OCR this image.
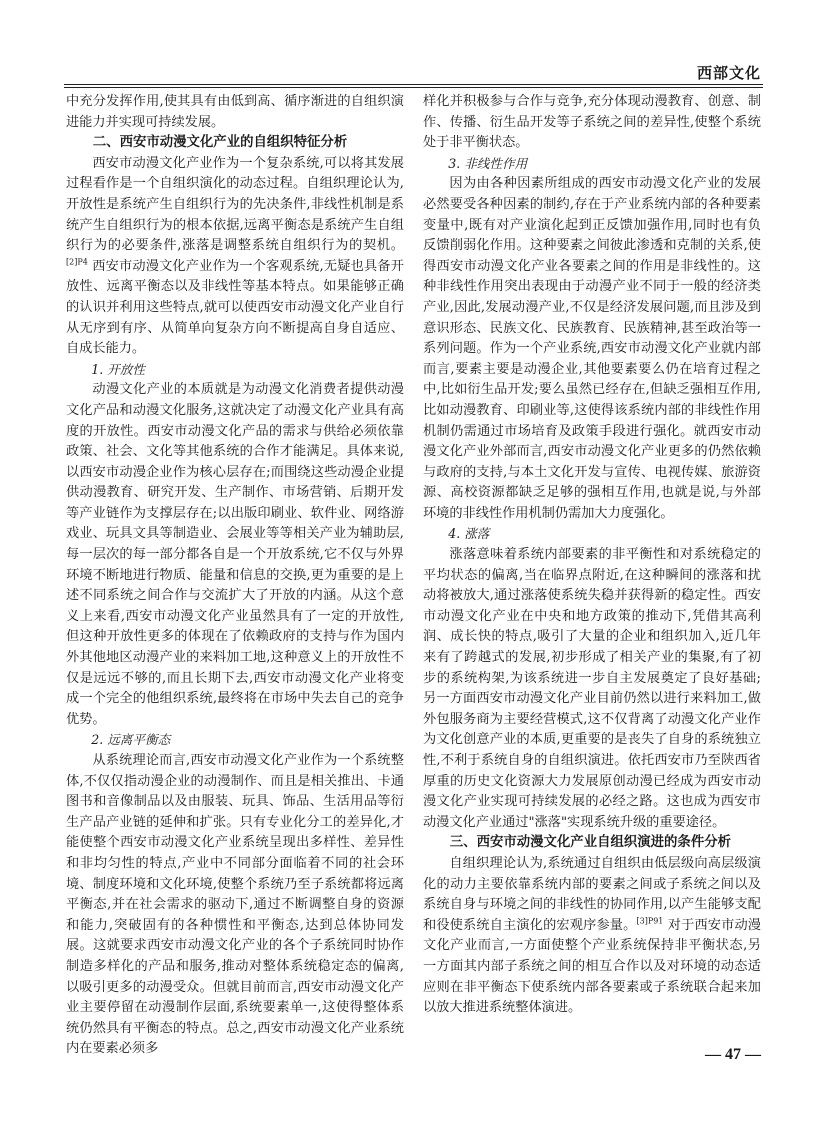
西部文化

中充分发挥作用,使其具有由低到高、循序渐进的自组织演进能力并实现可持续发展。

二、西安市动漫文化产业的自组织特征分析

西安市动漫文化产业作为一个复杂系统,可以将其发展过程看作是一个自组织演化的动态过程。自组织理论认为,开放性是系统产生自组织行为的先决条件,非线性机制是系统产生自组织行为的根本依据,远离平衡态是系统产生自组织行为的必要条件,涨落是调整系统自组织行为的契机。$^{[2]P4}$ 西安市动漫文化产业作为一个客观系统,无疑也具备开放性、远离平衡态以及非线性等基本特点。如果能够正确的认识并利用这些特点,就可以使西安市动漫文化产业自行从无序到有序、从简单向复杂方向不断提高自身自适应、自成长能力。

1. 开放性

动漫文化产业的本质就是为动漫文化消费者提供动漫文化产品和动漫文化服务,这就决定了动漫文化产业具有高度的开放性。西安市动漫文化产品的需求与供给必须依靠政策、社会、文化等其他系统的合作才能满足。具体来说,以西安市动漫企业作为核心层存在;而围绕这些动漫企业提供动漫教育、研究开发、生产制作、市场营销、后期开发等产业链作为支撑层存在;以出版印刷业、软件业、网络游戏业、玩具文具等制造业、会展业等等相关产业为辅助层,每一层次的每一部分都各自是一个开放系统,它不仅与外界环境不断地进行物质、能量和信息的交换,更为重要的是上述不同系统之间合作与交流扩大了开放的内涵。从这个意义上来看,西安市动漫文化产业虽然具有了一定的开放性,但这种开放性更多的体现在了依赖政府的支持与作为国内外其他地区动漫产业的来料加工地,这种意义上的开放性不仅是远远不够的,而且长期下去,西安市动漫文化产业将变成一个完全的他组织系统,最终将在市场中失去自己的竞争优势。

2. 远离平衡态

从系统理论而言,西安市动漫文化产业作为一个系统整体,不仅仅指动漫企业的动漫制作、而且是相关推出、卡通图书和音像制品以及由服装、玩具、饰品、生活用品等衍生产品产业链的延伸和扩张。只有专业化分工的差异化,才能使整个西安市动漫文化产业系统呈现出多样性、差异性和非均匀性的特点,产业中不同部分面临着不同的社会环境、制度环境和文化环境,使整个系统乃至子系统都将远离平衡态,并在社会需求的驱动下,通过不断调整自身的资源和能力,突破固有的各种惯性和平衡态,达到总体协同发展。这就要求西安市动漫文化产业的各个子系统同时协作制造多样化的产品和服务,推动对整体系统稳定态的偏离,以吸引更多的动漫受众。但就目前而言,西安市动漫文化产业主要停留在动漫制作层面,系统要素单一,这使得整体系统仍然具有平衡态的特点。总之,西安市动漫文化产业系统内在要素必须多

样化并积极参与合作与竞争,充分体现动漫教育、创意、制作、传播、衍生品开发等子系统之间的差异性,使整个系统处于非平衡状态。

3. 非线性作用

因为由各种因素所组成的西安市动漫文化产业的发展必然要受各种因素的制约,存在于产业系统内部的各种要素变量中,既有对产业演化起到正反馈加强作用,同时也有负反馈削弱化作用。这种要素之间彼此渗透和克制的关系,使得西安市动漫文化产业各要素之间的作用是非线性的。这种非线性作用突出表现由于动漫产业不同于一般的经济类产业,因此,发展动漫产业,不仅是经济发展问题,而且涉及到意识形态、民族文化、民族教育、民族精神,甚至政治等一系列问题。作为一个产业系统,西安市动漫文化产业就内部而言,要素主要是动漫企业,其他要素要么仍在培育过程之中,比如衍生品开发;要么虽然已经存在,但缺乏强相互作用,比如动漫教育、印刷业等,这使得该系统内部的非线性作用机制仍需通过市场培育及政策手段进行强化。就西安市动漫文化产业外部而言,西安市动漫文化产业更多的仍然依赖与政府的支持,与本土文化开发与宣传、电视传媒、旅游资源、高校资源都缺乏足够的强相互作用,也就是说,与外部环境的非线性作用机制仍需加大力度强化。

4. 涨落

涨落意味着系统内部要素的非平衡性和对系统稳定的平均状态的偏离,当在临界点附近,在这种瞬间的涨落和扰动将被放大,通过涨落使系统失稳并获得新的稳定性。西安市动漫文化产业在中央和地方政策的推动下,凭借其高利润、成长快的特点,吸引了大量的企业和组织加入,近几年来有了跨越式的发展,初步形成了相关产业的集聚,有了初步的系统构架,为该系统进一步自主发展奠定了良好基础;另一方面西安市动漫文化产业目前仍然以进行来料加工,做外包服务商为主要经营模式,这不仅背离了动漫文化产业作为文化创意产业的本质,更重要的是丧失了自身的系统独立性,不利于系统自身的自组织演进。依托西安市乃至陕西省厚重的历史文化资源大力发展原创动漫已经成为西安市动漫文化产业实现可持续发展的必经之路。这也成为西安市动漫文化产业通过"涨落"实现系统升级的重要途径。

三、西安市动漫文化产业自组织演进的条件分析

自组织理论认为,系统通过自组织由低层级向高层级演化的动力主要依靠系统内部的要素之间或子系统之间以及系统自身与环境之间的非线性的协同作用,以产生能够支配和役使系统自主演化的宏观序参量。$^{[3]P91}$ 对于西安市动漫文化产业而言,一方面使整个产业系统保持非平衡状态,另一方面其内部子系统之间的相互合作以及对环境的动态适应则在非平衡态下使系统内部各要素或子系统联合起来加以放大推进系统整体演进。

— 47 —
